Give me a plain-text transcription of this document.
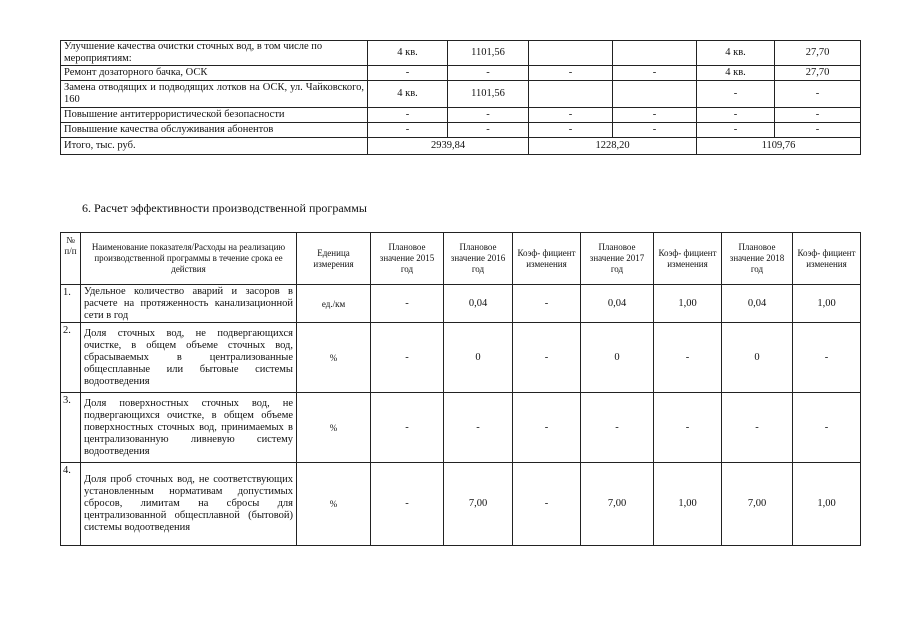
Улучшение качества очистки сточных вод, в том числе по мероприятиям:	4 кв.	1101,56			4 кв.	27,70
Ремонт дозаторного бачка, ОСК	-	-	-	-	4 кв.	27,70
Замена отводящих и подводящих лотков на ОСК, ул. Чайковского, 160	4 кв.	1101,56			-	-
Повышение антитеррористической безопасности	-	-	-	-	-	-
Повышение качества обслуживания абонентов	-	-	-	-	-	-
Итого, тыс. руб.	2939,84		1228,20		1109,76	
6. Расчет эффективности производственной программы
№ п/п	Наименование показателя/Расходы на реализацию производственной программы в течение срока ее действия	Еденица измерения	Плановое значение 2015 год	Плановое значение 2016 год	Коэф- фициент изменения	Плановое значение 2017 год	Коэф- фициент изменения	Плановое значение 2018 год	Коэф- фициент изменения
1.	Удельное количество аварий и засоров в расчете на протяженность канализационной сети в год	ед./км	-	0,04	-	0,04	1,00	0,04	1,00
2.	Доля сточных вод, не подвергающихся очистке, в общем объеме сточных вод, сбрасываемых в централизованные общесплавные или бытовые системы водоотведения	%	-	0	-	0	-	0	-
3.	Доля поверхностных сточных вод, не подвергающихся очистке, в общем объеме поверхностных сточных вод, принимаемых в централизованную ливневую систему водоотведения	%	-	-	-	-	-	-	-
4.	Доля проб сточных вод, не соответствующих установленным нормативам допустимых сбросов, лимитам на сбросы для централизованной общесплавной (бытовой) системы водоотведения	%	-	7,00	-	7,00	1,00	7,00	1,00
